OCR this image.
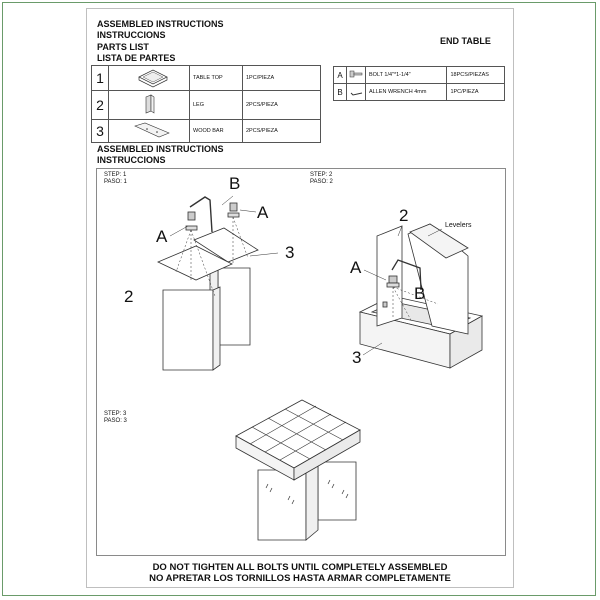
ASSEMBLED INSTRUCTIONS
INSTRUCCIONS
PARTS LIST
LISTA DE PARTES
END TABLE
1		TABLE TOP	1PC/PIEZA
2		LEG	2PCS/PIEZA
3		WOOD BAR	2PCS/PIEZA
A		BOLT 1/4"*1-1/4"	18PCS/PIEZAS
B		ALLEN WRENCH 4mm	1PC/PIEZA
ASSEMBLED INSTRUCTIONS
INSTRUCCIONS
STEP: 1
PASO: 1
STEP: 2
PASO: 2
STEP: 3
PASO: 3
B
A
A
3
2
2
Levelers
A
B
3
DO NOT TIGHTEN ALL BOLTS UNTIL COMPLETELY ASSEMBLED
NO APRETAR LOS TORNILLOS HASTA ARMAR COMPLETAMENTE
